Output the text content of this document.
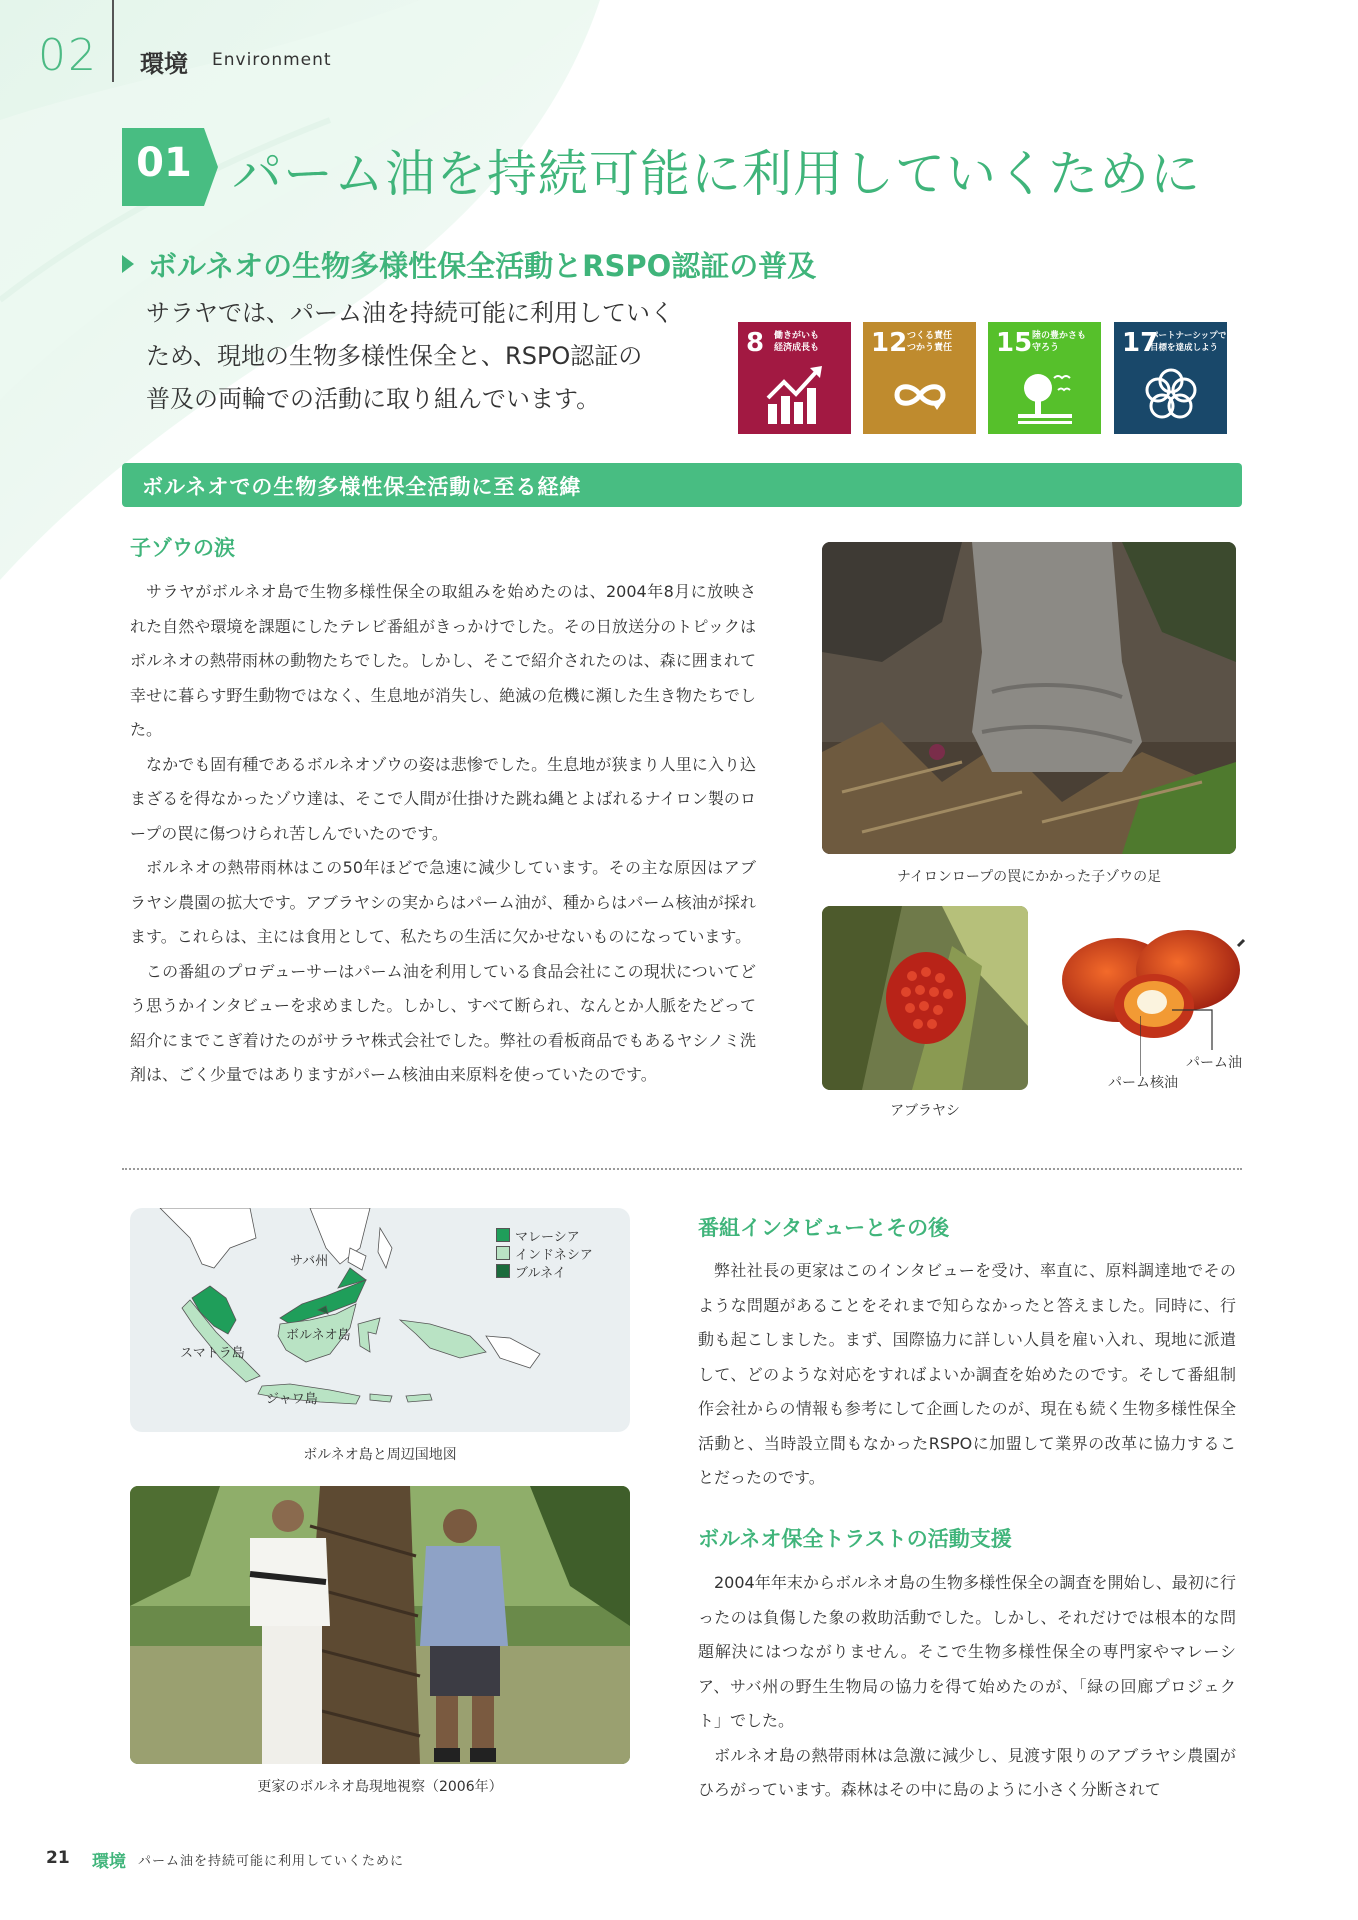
02 環境 Environment
01 パーム油を持続可能に利用していくために
ボルネオの生物多様性保全活動とRSPO認証の普及

サラヤでは、パーム油を持続可能に利用していく

ため、現地の生物多様性保全と、RSPO認証の

普及の両輪での活動に取り組んでいます。

8 働きがいも
経済成長も 12 つくる責任
つかう責任 15 陸の豊かさも
守ろう	17
パートナーシップで
目標を達成しよう
ボルネオでの生物多様性保全活動に至る経緯
子ゾウの涙

サラヤがボルネオ島で生物多様性保全の取組みを始めたのは、2004年8月に放映された自然や環境を課題にしたテレビ番組がきっかけでした。その日放送分のトピックはボルネオの熱帯雨林の動物たちでした。しかし、そこで紹介されたのは、森に囲まれて幸せに暮らす野生動物ではなく、生息地が消失し、絶滅の危機に瀕した生き物たちでした。

なかでも固有種であるボルネオゾウの姿は悲惨でした。生息地が狭まり人里に入り込まざるを得なかったゾウ達は、そこで人間が仕掛けた跳ね縄とよばれるナイロン製のロープの罠に傷つけられ苦しんでいたのです。

ボルネオの熱帯雨林はこの50年ほどで急速に減少しています。その主な原因はアブラヤシ農園の拡大です。アブラヤシの実からはパーム油が、種からはパーム核油が採れます。これらは、主には食用として、私たちの生活に欠かせないものになっています。

この番組のプロデューサーはパーム油を利用している食品会社にこの現状についてどう思うかインタビューを求めました。しかし、すべて断られ、なんとか人脈をたどって紹介にまでこぎ着けたのがサラヤ株式会社でした。弊社の看板商品でもあるヤシノミ洗剤は、ごく少量ではありますがパーム核油由来原料を使っていたのです。

ナイロンロープの罠にかかった子ゾウの足
アブラヤシ
パーム油
パーム核油
マレーシア
インドネシア
ブルネイ
サバ州
ボルネオ島
スマトラ島
ジャワ島
ボルネオ島と周辺国地図
更家のボルネオ島現地視察（2006年）
番組インタビューとその後

弊社社長の更家はこのインタビューを受け、率直に、原料調達地でそのような問題があることをそれまで知らなかったと答えました。同時に、行動も起こしました。まず、国際協力に詳しい人員を雇い入れ、現地に派遣して、どのような対応をすればよいか調査を始めたのです。そして番組制作会社からの情報も参考にして企画したのが、現在も続く生物多様性保全活動と、当時設立間もなかったRSPOに加盟して業界の改革に協力することだったのです。

ボルネオ保全トラストの活動支援

2004年年末からボルネオ島の生物多様性保全の調査を開始し、最初に行ったのは負傷した象の救助活動でした。しかし、それだけでは根本的な問題解決にはつながりません。そこで生物多様性保全の専門家やマレーシア、サバ州の野生生物局の協力を得て始めたのが、「緑の回廊プロジェクト」でした。

ボルネオ島の熱帯雨林は急激に減少し、見渡す限りのアブラヤシ農園がひろがっています。森林はその中に島のように小さく分断されて

21 環境 パーム油を持続可能に利用していくために
